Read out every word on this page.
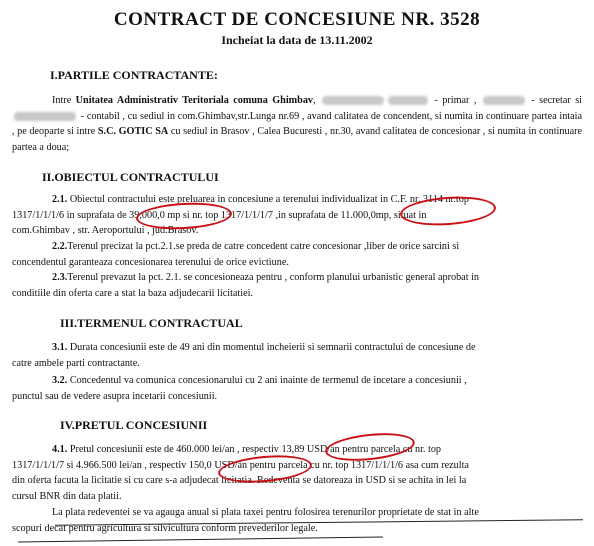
CONTRACT DE CONCESIUNE NR. 3528
Incheiat la data de 13.11.2002
I.PARTILE CONTRACTANTE:
Intre Unitatea Administrativ Teritoriala comuna Ghimbav,	- primar ,	- secretar si  - contabil , cu sediul in com.Ghimbav,str.Lunga nr.69 , avand calitatea de concendent, si numita in continuare partea intaia , pe deoparte si intre S.C. GOTIC SA cu sediul in Brasov , Calea Bucuresti , nr.30, avand calitatea de concesionar , si numita in continuare partea a doua;
II.OBIECTUL CONTRACTULUI
2.1. Obiectul contractului este preluarea in concesiune a terenului individualizat in C.F. nr. 3114 nr.top
1317/1/1/1/6 in suprafata de 39,000,0 mp si nr. top 1317/1/1/1/7 ,in suprafata de 11.000,0mp, situat in
com.Ghimbav , str. Aeroportului , jud.Brasov.
2.2.Terenul precizat la pct.2.1.se preda de catre concedent catre concesionar ,liber de orice sarcini si
concendentul garanteaza concesionarea terenului de orice evictiune.
2.3.Terenul prevazut la pct. 2.1. se concesioneaza pentru , conform planului urbanistic general aprobat in
conditiile din oferta care a stat la baza adjudecarii licitatiei.
III.TERMENUL CONTRACTUAL
3.1. Durata concesiunii este de 49 ani din momentul incheierii si semnarii contractului de concesiune de
catre ambele parti contractante.
3.2. Concedentul va comunica concesionarului cu 2 ani inainte de termenul de incetare a concesiunii ,
punctul sau de vedere asupra incetarii concesiunii.
IV.PRETUL CONCESIUNII
4.1. Pretul concesiunii este de 460.000 lei/an , respectiv 13,89 USD/an pentru parcela cu nr. top
1317/1/1/1/7 si 4.966.500 lei/an , respectiv 150,0 USD/an pentru parcela cu nr. top 1317/1/1/1/6 asa cum rezulta
din oferta facuta la licitatie si cu care s-a adjudecat licitatia. Redeventa se datoreaza in USD si se achita in lei la
cursul BNR din data platii.
La plata redeventei se va agauga anual si plata taxei pentru folosirea terenurilor proprietate de stat in alte
scopuri decat pentru agricultura si silvicultura conform prevederilor legale.
